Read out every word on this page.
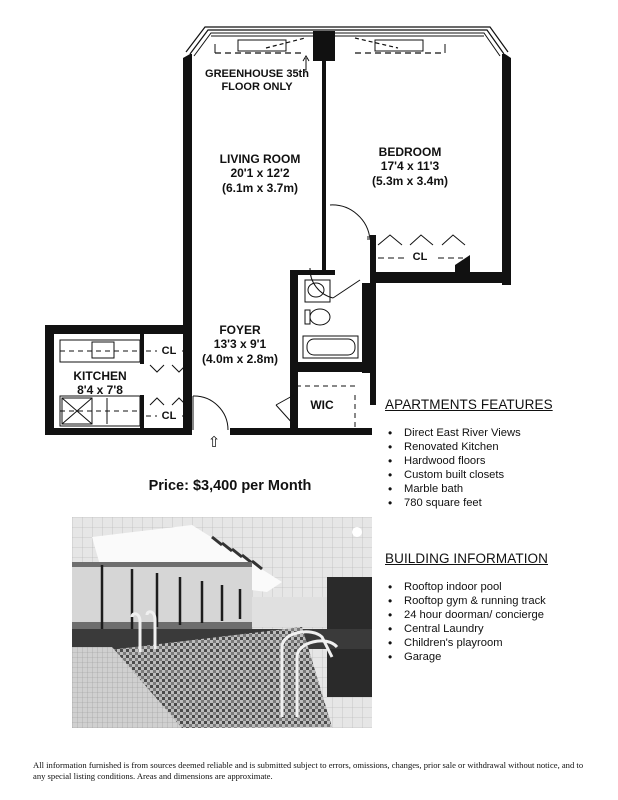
GREENHOUSE 35th
FLOOR ONLY
LIVING ROOM
20'1 x 12'2
(6.1m x 3.7m)
BEDROOM
17'4 x 11'3
(5.3m x 3.4m)
FOYER
13'3 x 9'1
(4.0m x 2.8m)
KITCHEN
8'4 x 7'8
WIC
CL
CL
CL
⇧
Price: $3,400 per Month
APARTMENTS FEATURES
• Direct East River Views
• Renovated Kitchen
• Hardwood floors
• Custom built closets
• Marble bath
• 780 square feet
BUILDING INFORMATION
• Rooftop indoor pool
• Rooftop gym & running track
• 24 hour doorman/ concierge
• Central Laundry
• Children's playroom
• Garage
All information furnished is from sources deemed reliable and is submitted subject to errors, omissions, changes, prior sale or withdrawal without notice, and to any special listing conditions. Areas and dimensions are approximate.
